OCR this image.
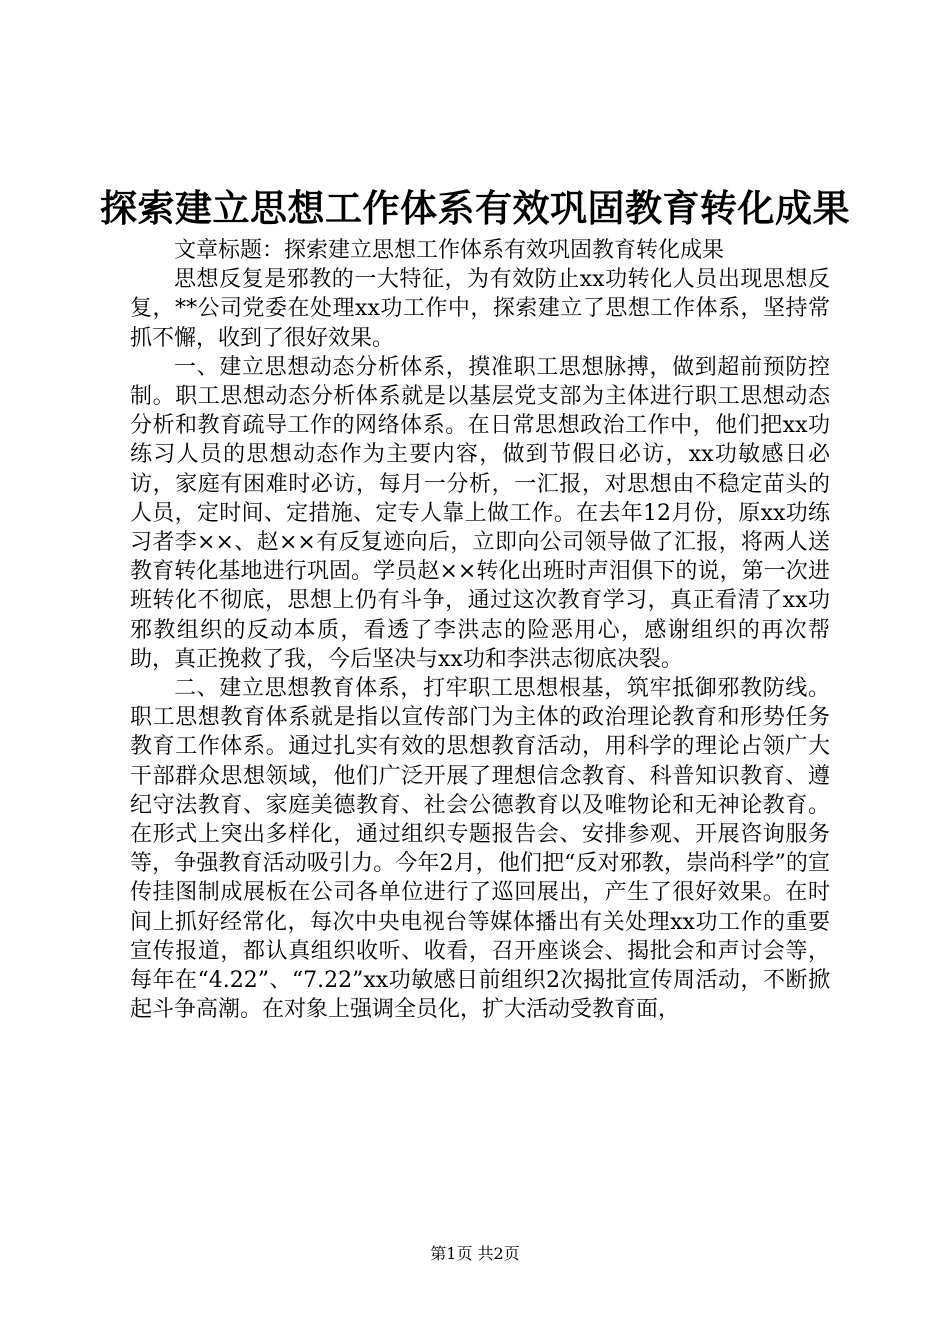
探索建立思想工作体系有效巩固教育转化成果

文章标题：探索建立思想工作体系有效巩固教育转化成果

思想反复是邪教的一大特征，为有效防止xx功转化人员出现思想反复，**公司党委在处理xx功工作中，探索建立了思想工作体系，坚持常抓不懈，收到了很好效果。

一、建立思想动态分析体系，摸准职工思想脉搏，做到超前预防控制。职工思想动态分析体系就是以基层党支部为主体进行职工思想动态分析和教育疏导工作的网络体系。在日常思想政治工作中，他们把xx功练习人员的思想动态作为主要内容，做到节假日必访，xx功敏感日必访，家庭有困难时必访，每月一分析，一汇报，对思想由不稳定苗头的人员，定时间、定措施、定专人靠上做工作。在去年12月份，原xx功练习者李××、赵××有反复迹向后，立即向公司领导做了汇报，将两人送教育转化基地进行巩固。学员赵××转化出班时声泪俱下的说，第一次进班转化不彻底，思想上仍有斗争，通过这次教育学习，真正看清了xx功邪教组织的反动本质，看透了李洪志的险恶用心，感谢组织的再次帮助，真正挽救了我，今后坚决与xx功和李洪志彻底决裂。

二、建立思想教育体系，打牢职工思想根基，筑牢抵御邪教防线。职工思想教育体系就是指以宣传部门为主体的政治理论教育和形势任务教育工作体系。通过扎实有效的思想教育活动，用科学的理论占领广大干部群众思想领域，他们广泛开展了理想信念教育、科普知识教育、遵纪守法教育、家庭美德教育、社会公德教育以及唯物论和无神论教育。在形式上突出多样化，通过组织专题报告会、安排参观、开展咨询服务等，争强教育活动吸引力。今年2月，他们把“反对邪教，崇尚科学”的宣传挂图制成展板在公司各单位进行了巡回展出，产生了很好效果。在时间上抓好经常化，每次中央电视台等媒体播出有关处理xx功工作的重要宣传报道，都认真组织收听、收看，召开座谈会、揭批会和声讨会等，每年在“4.22”、“7.22”xx功敏感日前组织2次揭批宣传周活动，不断掀起斗争高潮。在对象上强调全员化，扩大活动受教育面，

第1页 共2页
